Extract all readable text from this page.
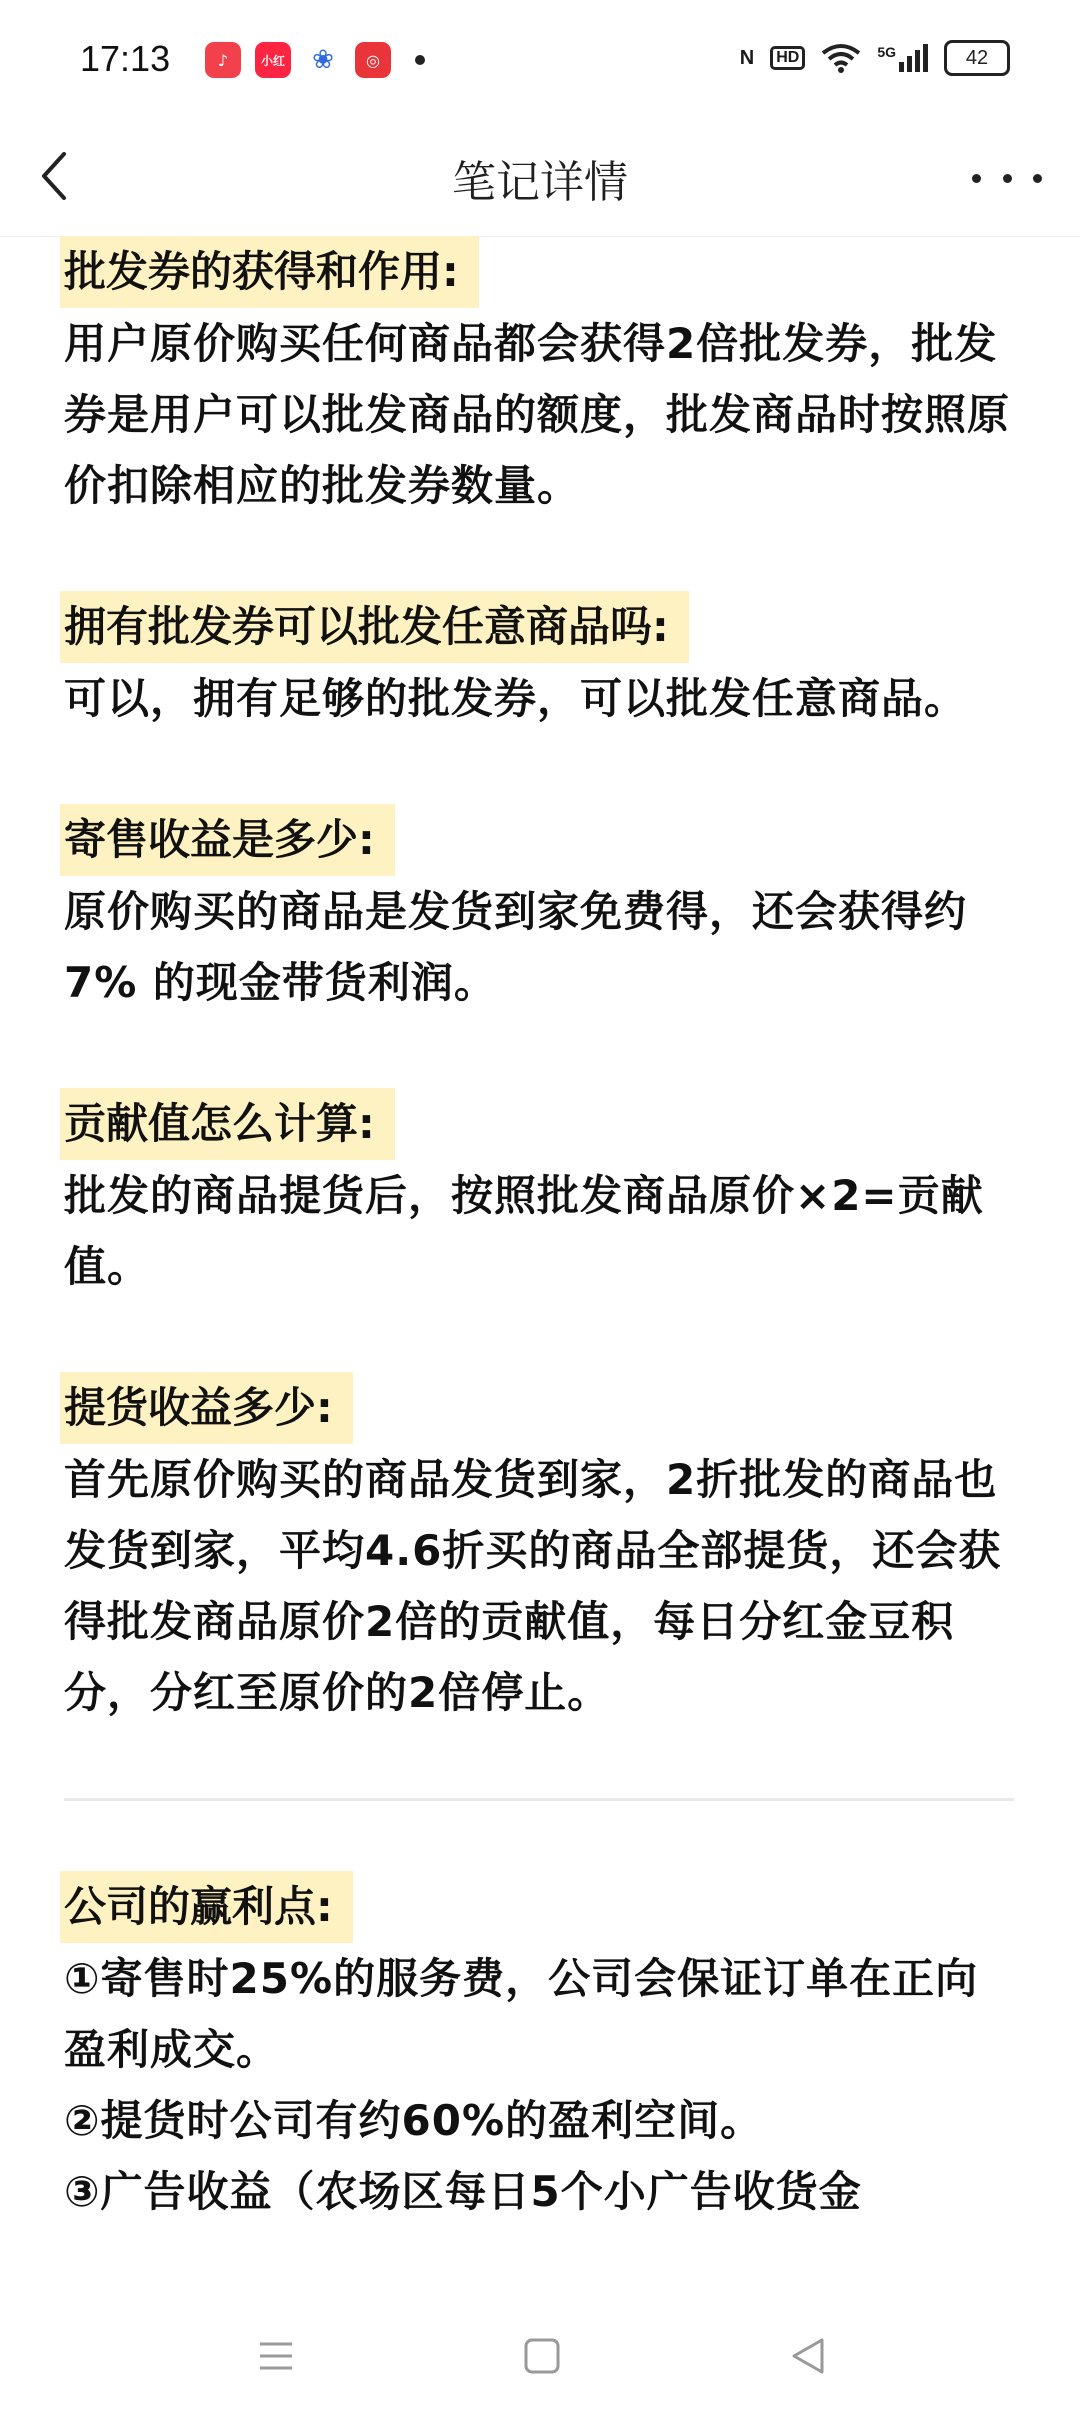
17:13	♪	小红 ❀	◎	N	HD	5G	42
笔记详情
批发券的获得和作用:

用户原价购买任何商品都会获得2倍批发券，批发券是用户可以批发商品的额度，批发商品时按照原价扣除相应的批发券数量。

拥有批发券可以批发任意商品吗:

可以，拥有足够的批发券，可以批发任意商品。

寄售收益是多少:

原价购买的商品是发货到家免费得，还会获得约7% 的现金带货利润。

贡献值怎么计算:

批发的商品提货后，按照批发商品原价×2=贡献值。

提货收益多少:

首先原价购买的商品发货到家，2折批发的商品也发货到家，平均4.6折买的商品全部提货，还会获得批发商品原价2倍的贡献值，每日分红金豆积分，分红至原价的2倍停止。

公司的赢利点:

①寄售时25%的服务费，公司会保证订单在正向盈利成交。

②提货时公司有约60%的盈利空间。

③广告收益（农场区每日5个小广告收货金
